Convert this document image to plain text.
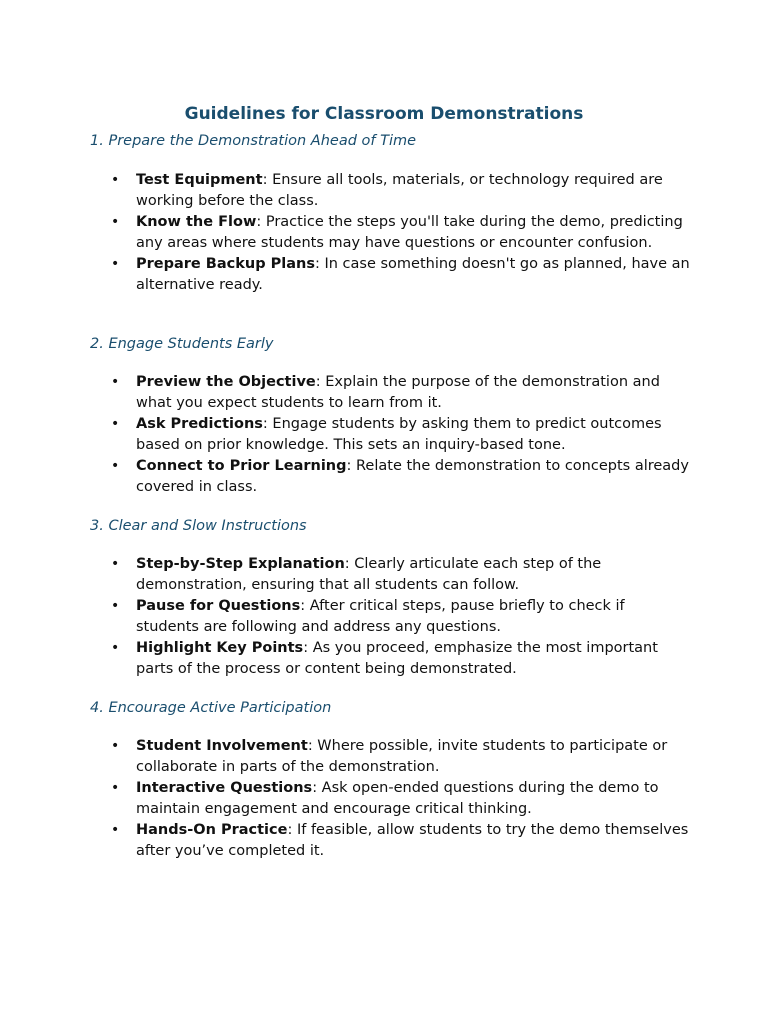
Guidelines for Classroom Demonstrations
1. Prepare the Demonstration Ahead of Time
• Test Equipment: Ensure all tools, materials, or technology required are working before the class.
• Know the Flow: Practice the steps you'll take during the demo, predicting any areas where students may have questions or encounter confusion.
• Prepare Backup Plans: In case something doesn't go as planned, have an alternative ready.
2. Engage Students Early
• Preview the Objective: Explain the purpose of the demonstration and what you expect students to learn from it.
• Ask Predictions: Engage students by asking them to predict outcomes based on prior knowledge. This sets an inquiry-based tone.
• Connect to Prior Learning: Relate the demonstration to concepts already covered in class.
3. Clear and Slow Instructions
• Step-by-Step Explanation: Clearly articulate each step of the demonstration, ensuring that all students can follow.
• Pause for Questions: After critical steps, pause briefly to check if students are following and address any questions.
• Highlight Key Points: As you proceed, emphasize the most important parts of the process or content being demonstrated.
4. Encourage Active Participation
• Student Involvement: Where possible, invite students to participate or collaborate in parts of the demonstration.
• Interactive Questions: Ask open-ended questions during the demo to maintain engagement and encourage critical thinking.
• Hands-On Practice: If feasible, allow students to try the demo themselves after you’ve completed it.
